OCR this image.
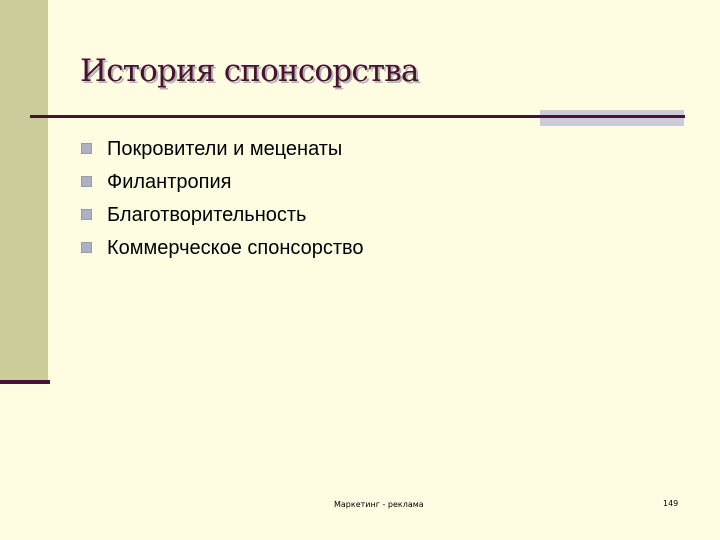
История спонсорства
Покровители и меценаты
Филантропия
Благотворительность
Коммерческое спонсорство
Маркетинг - реклама	149
